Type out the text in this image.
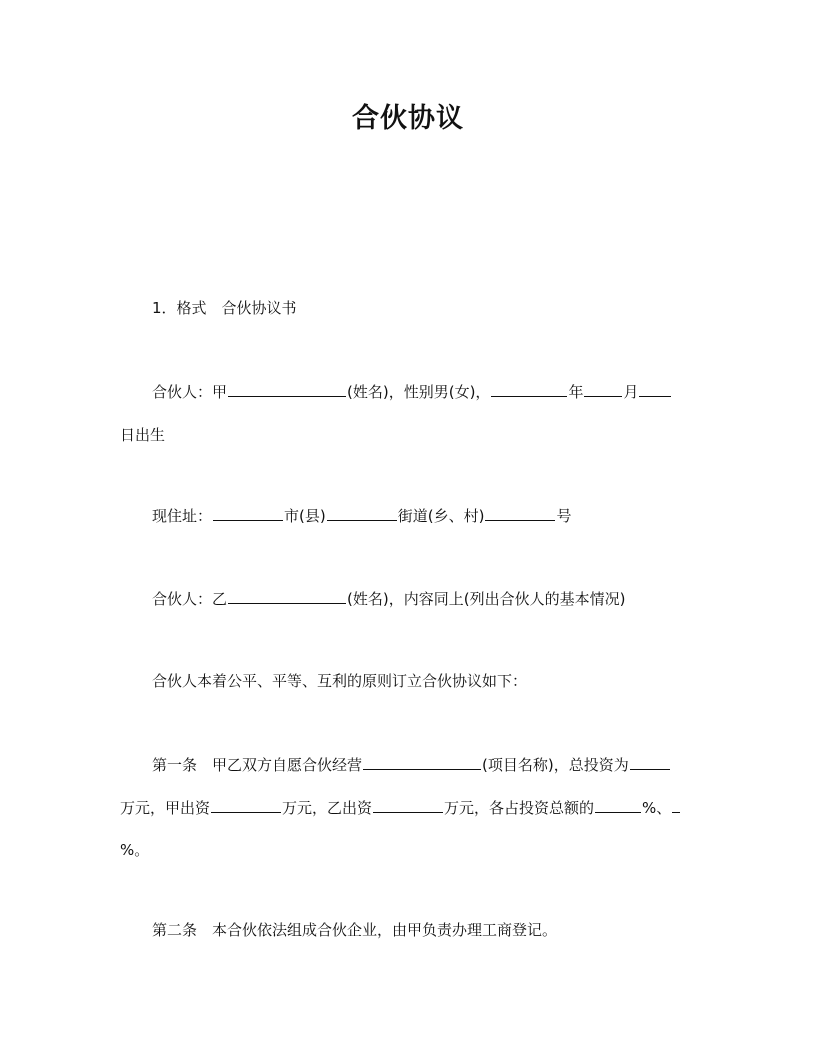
合伙协议
1．格式　合伙协议书
合伙人：甲	(姓名)，性别男(女)，	年	月
日出生
现住址：	市(县)	街道(乡、村)	号
合伙人：乙	(姓名)，内容同上(列出合伙人的基本情况)
合伙人本着公平、平等、互利的原则订立合伙协议如下：
第一条　甲乙双方自愿合伙经营	(项目名称)，总投资为
万元，甲出资	万元，乙出资	万元，各占投资总额的	%、
%。
第二条　本合伙依法组成合伙企业，由甲负责办理工商登记。
